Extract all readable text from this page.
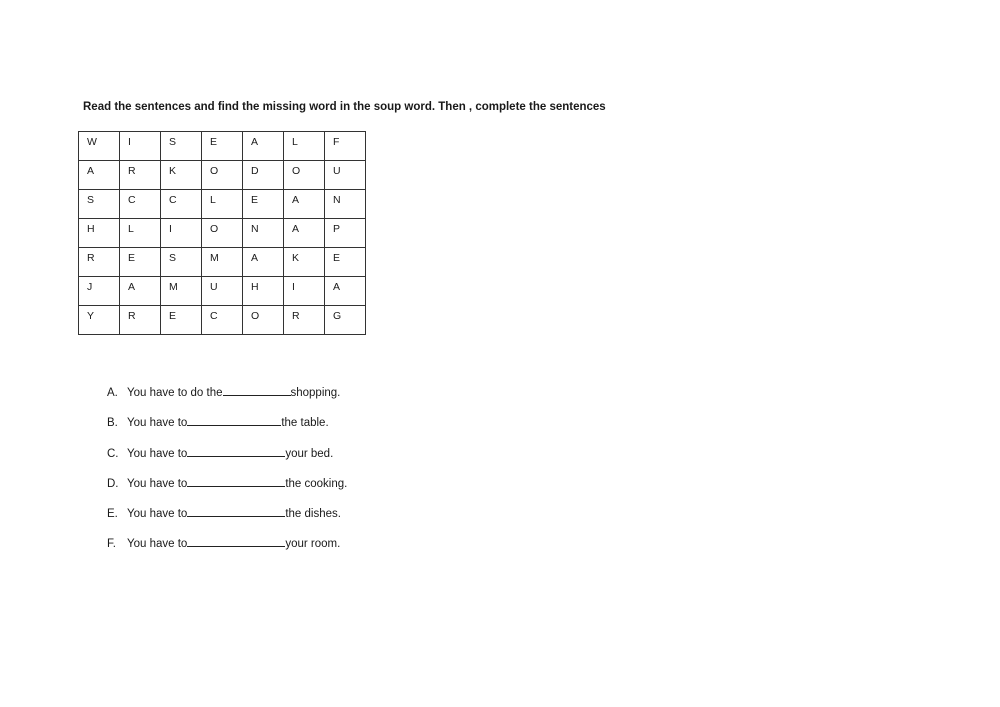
Read the sentences and find the missing word in the soup word. Then , complete the sentences
W	I	S	E	A	L	F
A	R	K	O	D	O	U
S	C	C	L	E	A	N
H	L	I	O	N	A	P
R	E	S	M	A	K	E
J	A	M	U	H	I	A
Y	R	E	C	O	R	G
A. You have to do the	shopping.
B. You have to	the table.
C. You have to	your bed.
D. You have to	the cooking.
E. You have to	the dishes.
F. You have to	your room.
